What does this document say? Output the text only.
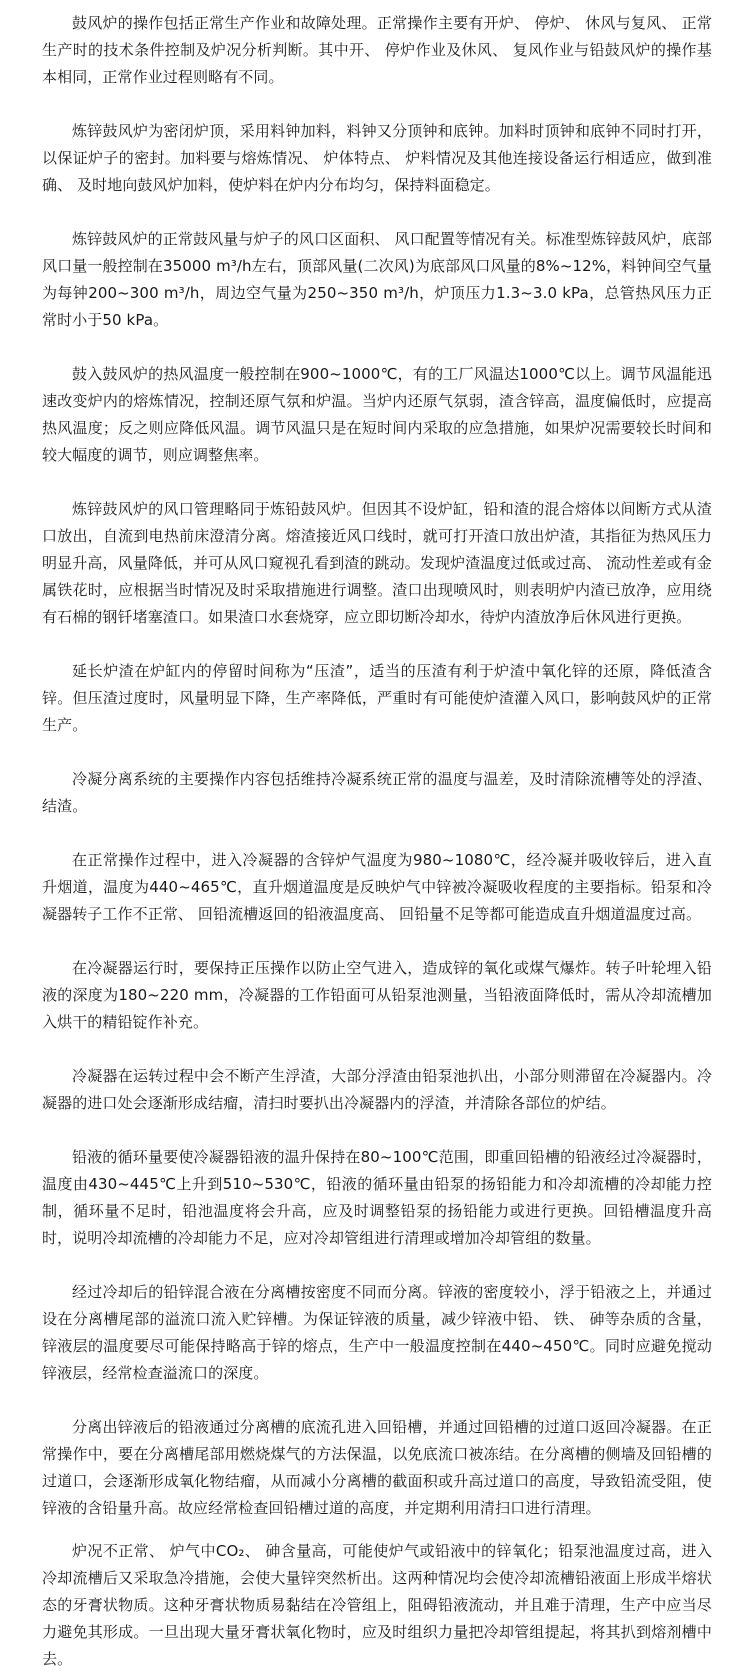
鼓风炉的操作包括正常生产作业和故障处理。正常操作主要有开炉、 停炉、 休风与复风、 正常生产时的技术条件控制及炉况分析判断。其中开、 停炉作业及休风、 复风作业与铅鼓风炉的操作基本相同，正常作业过程则略有不同。

炼锌鼓风炉为密闭炉顶，采用料钟加料，料钟又分顶钟和底钟。加料时顶钟和底钟不同时打开，以保证炉子的密封。加料要与熔炼情况、 炉体特点、 炉料情况及其他连接设备运行相适应，做到准确、 及时地向鼓风炉加料，使炉料在炉内分布均匀，保持料面稳定。

炼锌鼓风炉的正常鼓风量与炉子的风口区面积、 风口配置等情况有关。标准型炼锌鼓风炉，底部风口量一般控制在35000 m³/h左右，顶部风量(二次风)为底部风口风量的8%~12%，料钟间空气量为每钟200~300 m³/h，周边空气量为250~350 m³/h，炉顶压力1.3~3.0 kPa，总管热风压力正常时小于50 kPa。

鼓入鼓风炉的热风温度一般控制在900~1000℃，有的工厂风温达1000℃以上。调节风温能迅速改变炉内的熔炼情况，控制还原气氛和炉温。当炉内还原气氛弱，渣含锌高，温度偏低时，应提高热风温度；反之则应降低风温。调节风温只是在短时间内采取的应急措施，如果炉况需要较长时间和较大幅度的调节，则应调整焦率。

炼锌鼓风炉的风口管理略同于炼铅鼓风炉。但因其不设炉缸，铅和渣的混合熔体以间断方式从渣口放出，自流到电热前床澄清分离。熔渣接近风口线时，就可打开渣口放出炉渣，其指征为热风压力明显升高，风量降低，并可从风口窥视孔看到渣的跳动。发现炉渣温度过低或过高、 流动性差或有金属铁花时，应根据当时情况及时采取措施进行调整。渣口出现喷风时，则表明炉内渣已放净，应用绕有石棉的钢钎堵塞渣口。如果渣口水套烧穿，应立即切断冷却水，待炉内渣放净后休风进行更换。

延长炉渣在炉缸内的停留时间称为“压渣”，适当的压渣有利于炉渣中氧化锌的还原，降低渣含锌。但压渣过度时，风量明显下降，生产率降低，严重时有可能使炉渣灌入风口，影响鼓风炉的正常生产。

冷凝分离系统的主要操作内容包括维持冷凝系统正常的温度与温差，及时清除流槽等处的浮渣、 结渣。

在正常操作过程中，进入冷凝器的含锌炉气温度为980~1080℃，经冷凝并吸收锌后，进入直升烟道，温度为440~465℃，直升烟道温度是反映炉气中锌被冷凝吸收程度的主要指标。铅泵和冷凝器转子工作不正常、 回铅流槽返回的铅液温度高、 回铅量不足等都可能造成直升烟道温度过高。

在冷凝器运行时，要保持正压操作以防止空气进入，造成锌的氧化或煤气爆炸。转子叶轮埋入铅液的深度为180~220 mm，冷凝器的工作铅面可从铅泵池测量，当铅液面降低时，需从冷却流槽加入烘干的精铅锭作补充。

冷凝器在运转过程中会不断产生浮渣，大部分浮渣由铅泵池扒出，小部分则滞留在冷凝器内。冷凝器的进口处会逐渐形成结瘤，清扫时要扒出冷凝器内的浮渣，并清除各部位的炉结。

铅液的循环量要使冷凝器铅液的温升保持在80~100℃范围，即重回铅槽的铅液经过冷凝器时，温度由430~445℃上升到510~530℃，铅液的循环量由铅泵的扬铅能力和冷却流槽的冷却能力控制，循环量不足时，铅池温度将会升高，应及时调整铅泵的扬铅能力或进行更换。回铅槽温度升高时，说明冷却流槽的冷却能力不足，应对冷却管组进行清理或增加冷却管组的数量。

经过冷却后的铅锌混合液在分离槽按密度不同而分离。锌液的密度较小，浮于铅液之上，并通过设在分离槽尾部的溢流口流入贮锌槽。为保证锌液的质量，减少锌液中铅、 铁、 砷等杂质的含量，锌液层的温度要尽可能保持略高于锌的熔点，生产中一般温度控制在440~450℃。同时应避免搅动锌液层，经常检查溢流口的深度。

分离出锌液后的铅液通过分离槽的底流孔进入回铅槽，并通过回铅槽的过道口返回冷凝器。在正常操作中，要在分离槽尾部用燃烧煤气的方法保温，以免底流口被冻结。在分离槽的侧墙及回铅槽的过道口，会逐渐形成氧化物结瘤，从而减小分离槽的截面积或升高过道口的高度，导致铅流受阻，使锌液的含铅量升高。故应经常检查回铅槽过道的高度，并定期利用清扫口进行清理。

炉况不正常、 炉气中CO₂、 砷含量高，可能使炉气或铅液中的锌氧化；铅泵池温度过高，进入冷却流槽后又采取急冷措施，会使大量锌突然析出。这两种情况均会使冷却流槽铅液面上形成半熔状态的牙膏状物质。这种牙膏状物质易黏结在冷管组上，阻碍铅液流动，并且难于清理，生产中应当尽力避免其形成。一旦出现大量牙膏状氧化物时，应及时组织力量把冷却管组提起，将其扒到熔剂槽中去。
